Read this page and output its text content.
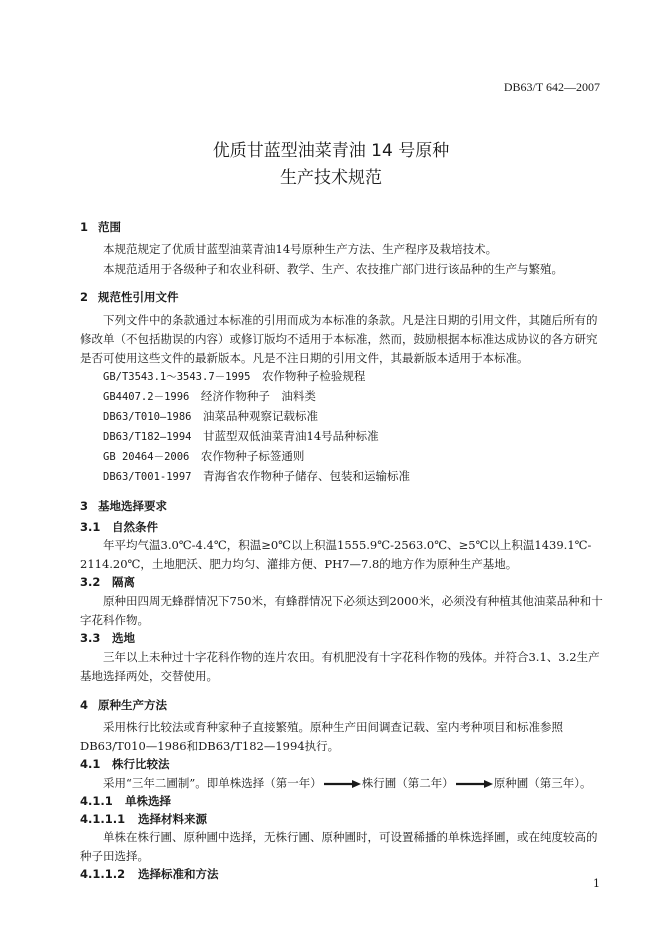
DB63/T 642—2007
优质甘蓝型油菜青油 14 号原种
生产技术规范
1 范围
本规范规定了优质甘蓝型油菜青油14号原种生产方法、生产程序及栽培技术。
本规范适用于各级种子和农业科研、教学、生产、农技推广部门进行该品种的生产与繁殖。
2 规范性引用文件
下列文件中的条款通过本标准的引用而成为本标准的条款。凡是注日期的引用文件，其随后所有的
修改单（不包括勘误的内容）或修订版均不适用于本标准，然而，鼓励根据本标准达成协议的各方研究
是否可使用这些文件的最新版本。凡是不注日期的引用文件，其最新版本适用于本标准。
GB/T3543.1～3543.7－1995　 农作物种子检验规程
GB4407.2－1996　 经济作物种子　油料类
DB63/T010—1986　 油菜品种观察记载标准
DB63/T182—1994　 甘蓝型双低油菜青油14号品种标准
GB 20464－2006　 农作物种子标签通则
DB63/T001-1997　 青海省农作物种子储存、包装和运输标准
3 基地选择要求
3.1 自然条件
年平均气温3.0℃-4.4℃，积温≥0℃以上积温1555.9℃-2563.0℃、≥5℃以上积温1439.1℃-
2114.20℃，土地肥沃、肥力均匀、灌排方便、PH7—7.8的地方作为原种生产基地。
3.2 隔离
原种田四周无蜂群情况下750米，有蜂群情况下必须达到2000米，必须没有种植其他油菜品种和十
字花科作物。
3.3 选地
三年以上未种过十字花科作物的连片农田。有机肥没有十字花科作物的残体。并符合3.1、3.2生产
基地选择两处，交替使用。
4 原种生产方法
采用株行比较法或育种家种子直接繁殖。原种生产田间调查记载、室内考种项目和标准参照
DB63/T010—1986和DB63/T182—1994执行。
4.1 株行比较法
采用“三年二圃制”。即单株选择（第一年）	株行圃（第二年）	原种圃（第三年）。
4.1.1 单株选择
4.1.1.1 选择材料来源
单株在株行圃、原种圃中选择，无株行圃、原种圃时，可设置稀播的单株选择圃，或在纯度较高的
种子田选择。
4.1.1.2 选择标准和方法
1
